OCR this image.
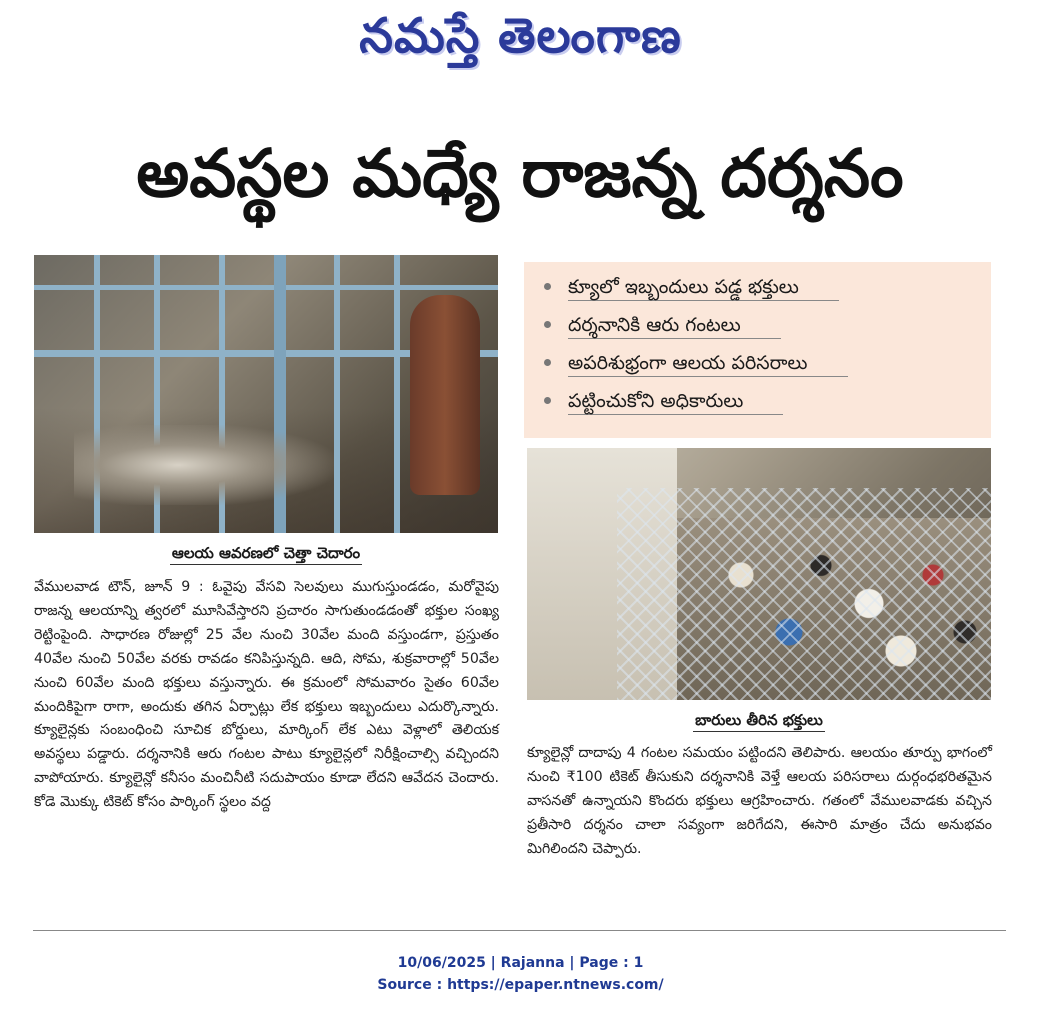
నమస్తే తెలంగాణ
అవస్థల మధ్యే రాజన్న దర్శనం
ఆలయ ఆవరణలో చెత్తా చెదారం
క్యూలో ఇబ్బందులు పడ్డ భక్తులు
దర్శనానికి ఆరు గంటలు
అపరిశుభ్రంగా ఆలయ పరిసరాలు
పట్టించుకోని అధికారులు
బారులు తీరిన భక్తులు
వేములవాడ టౌన్, జూన్ 9 : ఓవైపు వేసవి సెలవులు ముగుస్తుండడం, మరోవైపు రాజన్న ఆలయాన్ని త్వరలో మూసివేస్తారని ప్రచారం సాగుతుండడంతో భక్తుల సంఖ్య రెట్టింపైంది. సాధారణ రోజుల్లో 25 వేల నుంచి 30వేల మంది వస్తుండగా, ప్రస్తుతం 40వేల నుంచి 50వేల వరకు రావడం కనిపిస్తున్నది. ఆది, సోమ, శుక్రవారాల్లో 50వేల నుంచి 60వేల మంది భక్తులు వస్తున్నారు. ఈ క్రమంలో సోమవారం సైతం 60వేల మందికిపైగా రాగా, అందుకు తగిన ఏర్పాట్లు లేక భక్తులు ఇబ్బందులు ఎదుర్కొన్నారు. క్యూలైన్లకు సంబంధించి సూచిక బోర్డులు, మార్కింగ్ లేక ఎటు వెళ్లాలో తెలియక అవస్థలు పడ్డారు. దర్శనానికి ఆరు గంటల పాటు క్యూలైన్లలో నిరీక్షించాల్సి వచ్చిందని వాపోయారు. క్యూలైన్లో కనీసం మంచినీటి సదుపాయం కూడా లేదని ఆవేదన చెందారు. కోడె మొక్కు టికెట్ కోసం పార్కింగ్ స్థలం వద్ద
క్యూలైన్లో దాదాపు 4 గంటల సమయం పట్టిందని తెలిపారు. ఆలయం తూర్పు భాగంలో నుంచి ₹100 టికెట్ తీసుకుని దర్శనానికి వెళ్తే ఆలయ పరిసరాలు దుర్గంధభరితమైన వాసనతో ఉన్నాయని కొందరు భక్తులు ఆగ్రహించారు. గతంలో వేములవాడకు వచ్చిన ప్రతీసారి దర్శనం చాలా సవ్యంగా జరిగేదని, ఈసారి మాత్రం చేదు అనుభవం మిగిలిందని చెప్పారు.
10/06/2025 | Rajanna | Page : 1
Source : https://epaper.ntnews.com/
